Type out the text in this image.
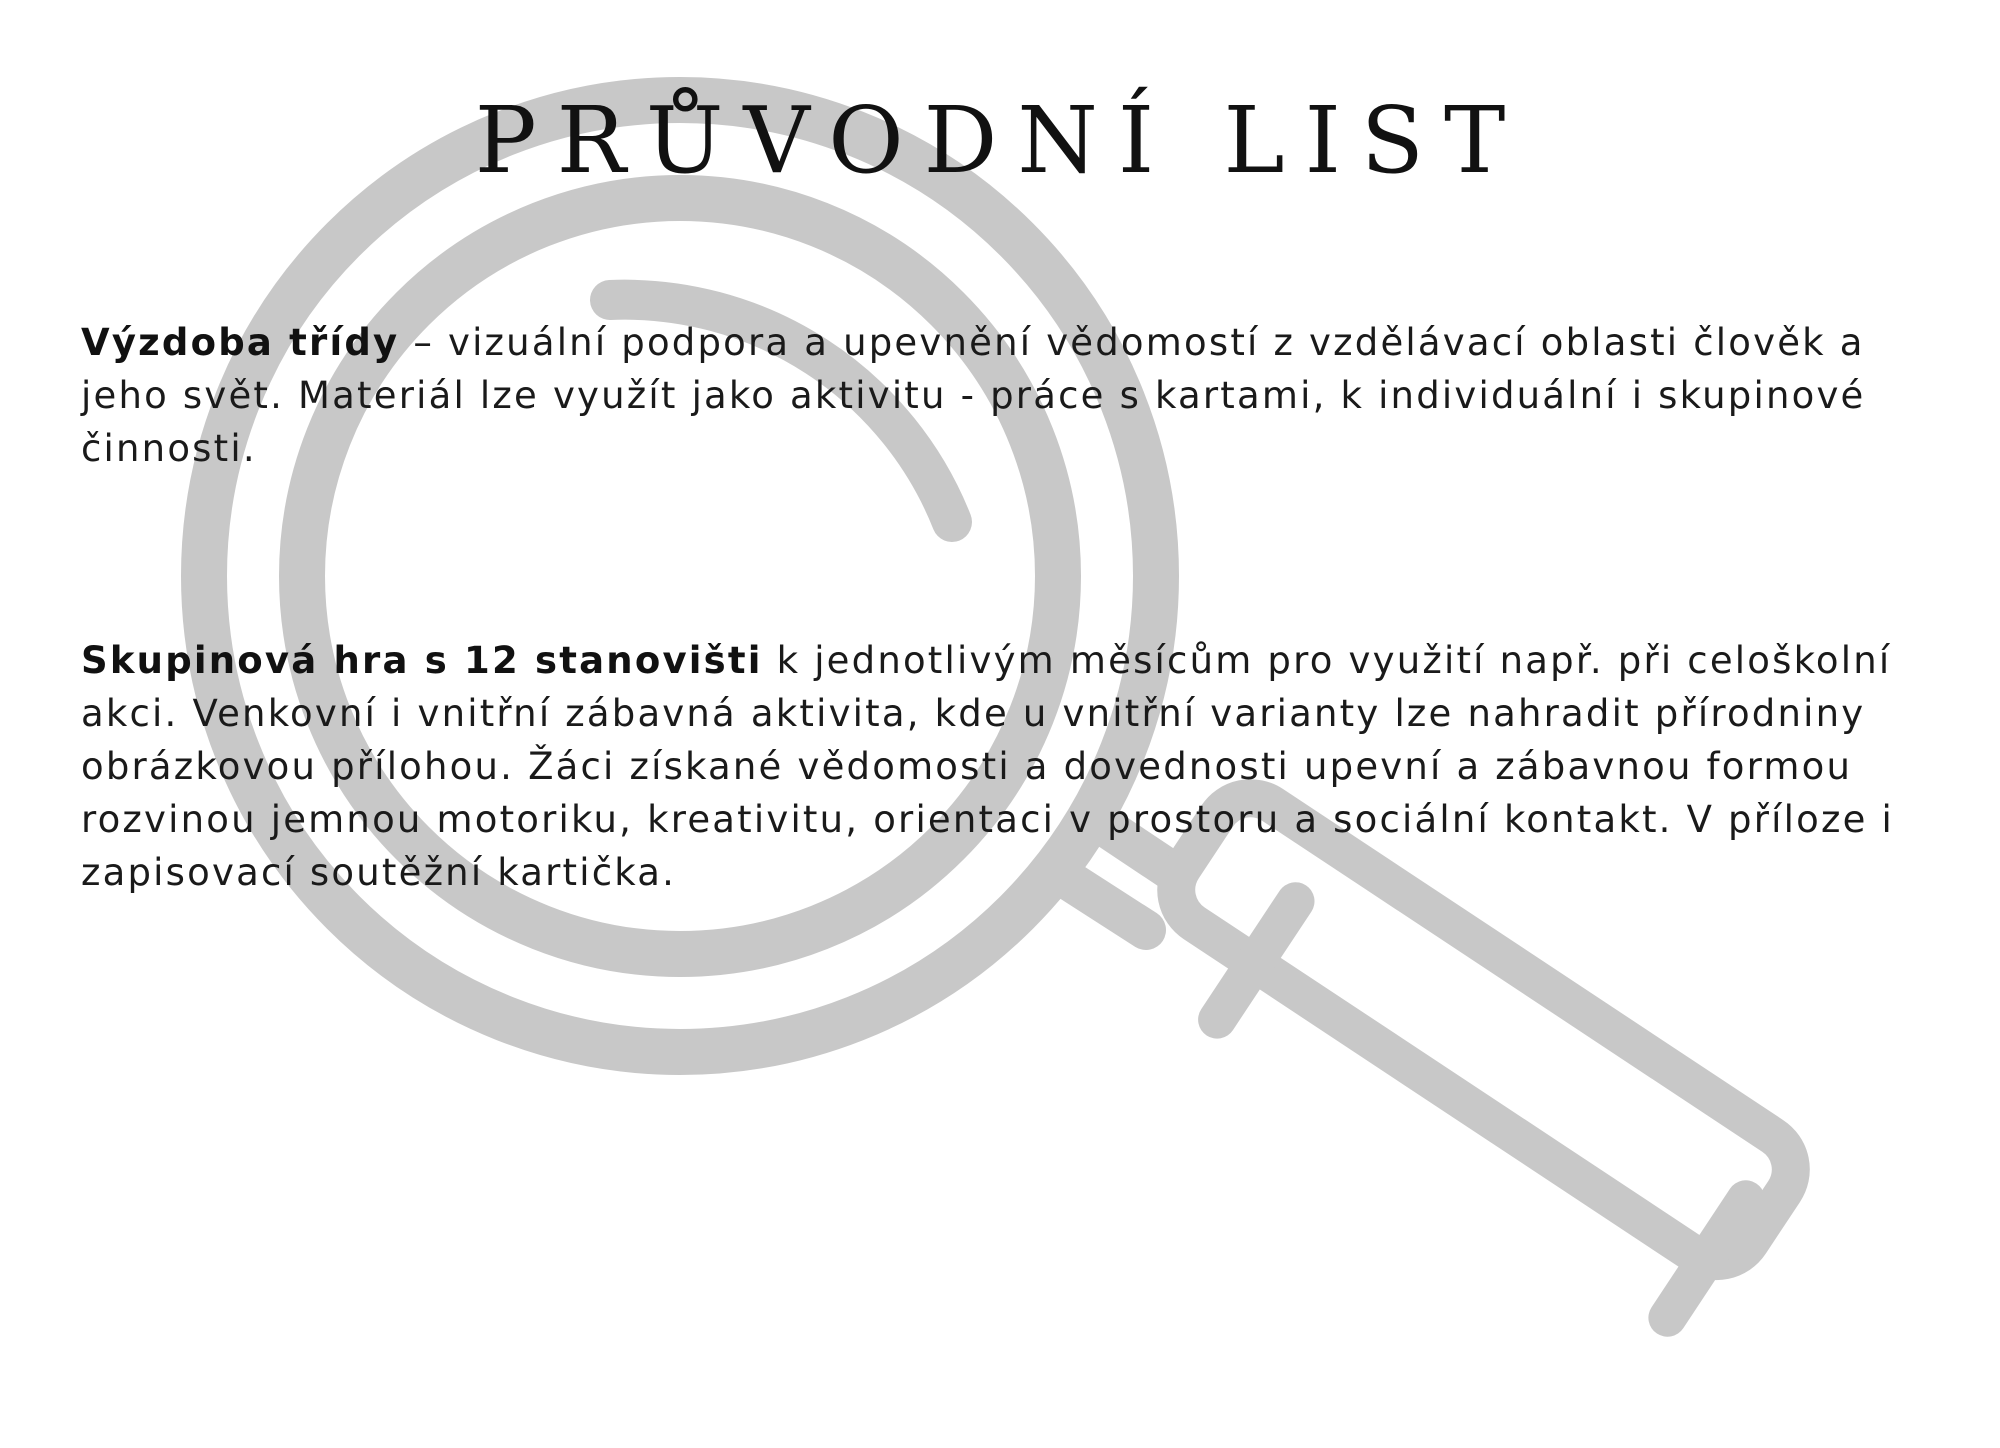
PRŮVODNÍ LIST

Výzdoba třídy – vizuální podpora a upevnění vědomostí z vzdělávací oblasti člověk a jeho svět. Materiál lze využít jako aktivitu - práce s kartami, k individuální i skupinové činnosti.

Skupinová hra s 12 stanovišti k jednotlivým měsícům pro využití např. při celoškolní akci. Venkovní i vnitřní zábavná aktivita, kde u vnitřní varianty lze nahradit přírodniny obrázkovou přílohou. Žáci získané vědomosti a dovednosti upevní a zábavnou formou rozvinou jemnou motoriku, kreativitu, orientaci v prostoru a sociální kontakt. V příloze i zapisovací soutěžní kartička.
